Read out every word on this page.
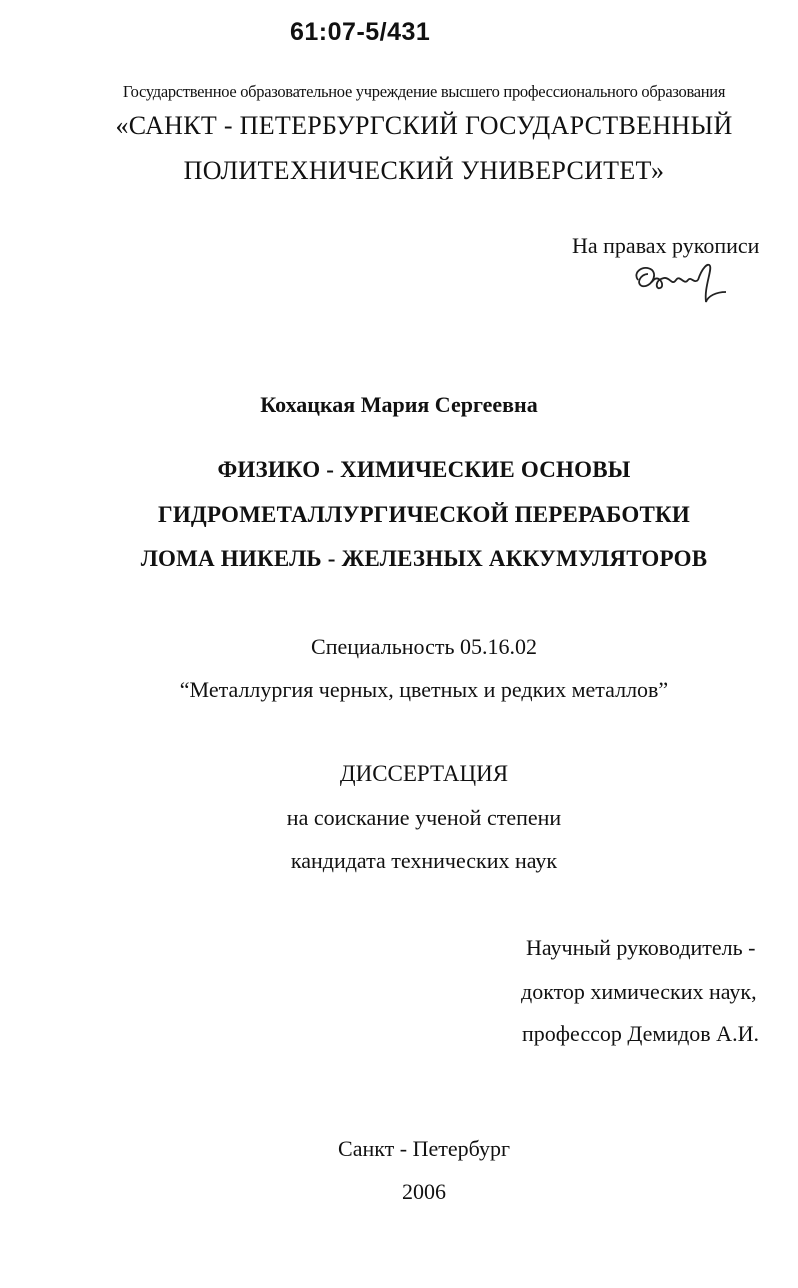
61:07-5/431
Государственное образовательное учреждение высшего профессионального образования
«САНКТ - ПЕТЕРБУРГСКИЙ ГОСУДАРСТВЕННЫЙ
ПОЛИТЕХНИЧЕСКИЙ УНИВЕРСИТЕТ»
На правах рукописи
Кохацкая Мария Сергеевна
ФИЗИКО - ХИМИЧЕСКИЕ ОСНОВЫ
ГИДРОМЕТАЛЛУРГИЧЕСКОЙ ПЕРЕРАБОТКИ
ЛОМА НИКЕЛЬ - ЖЕЛЕЗНЫХ АККУМУЛЯТОРОВ
Специальность 05.16.02
“Металлургия черных, цветных и редких металлов”
ДИССЕРТАЦИЯ
на соискание ученой степени
кандидата технических наук
Научный руководитель -
доктор химических наук,
профессор Демидов А.И.
Санкт - Петербург
2006
